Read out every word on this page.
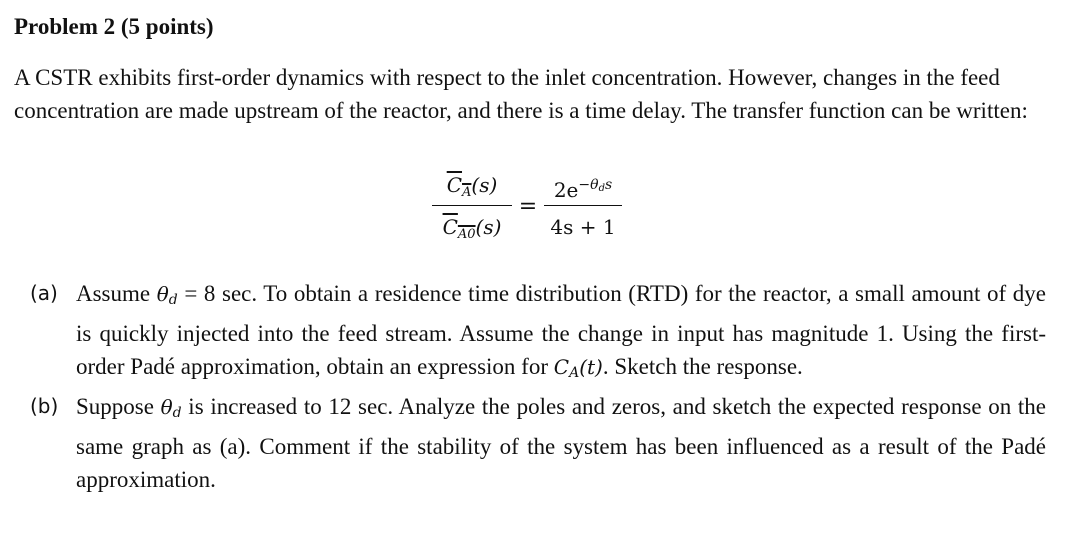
Problem 2 (5 points)
A CSTR exhibits first-order dynamics with respect to the inlet concentration. However, changes in the feed concentration are made upstream of the reactor, and there is a time delay. The transfer function can be written:
$C_A(s)$
$C_{A0}(s)$
=
$2e^{-\theta ds}$
4s + 1
(a) Assume θd = 8 sec. To obtain a residence time distribution (RTD) for the reactor, a small amount of dye is quickly injected into the feed stream. Assume the change in input has magnitude 1. Using the first-order Padé approximation, obtain an expression for CA(t). Sketch the response.
(b) Suppose θd is increased to 12 sec. Analyze the poles and zeros, and sketch the expected response on the same graph as (a). Comment if the stability of the system has been influenced as a result of the Padé approximation.
